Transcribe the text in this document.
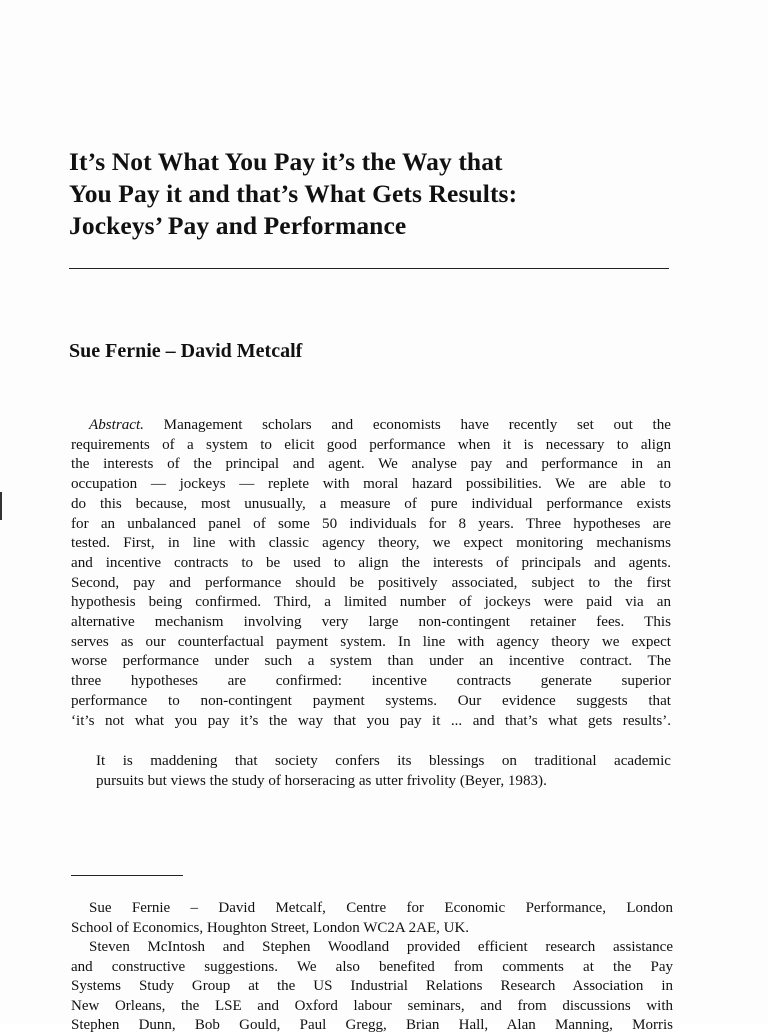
It’s Not What You Pay it’s the Way that
You Pay it and that’s What Gets Results:
Jockeys’ Pay and Performance
Sue Fernie – David Metcalf
Abstract. Management scholars and economists have recently set out the
requirements of a system to elicit good performance when it is necessary to align
the interests of the principal and agent. We analyse pay and performance in an
occupation — jockeys — replete with moral hazard possibilities. We are able to
do this because, most unusually, a measure of pure individual performance exists
for an unbalanced panel of some 50 individuals for 8 years. Three hypotheses are
tested. First, in line with classic agency theory, we expect monitoring mechanisms
and incentive contracts to be used to align the interests of principals and agents.
Second, pay and performance should be positively associated, subject to the first
hypothesis being confirmed. Third, a limited number of jockeys were paid via an
alternative mechanism involving very large non-contingent retainer fees. This
serves as our counterfactual payment system. In line with agency theory we expect
worse performance under such a system than under an incentive contract. The
three hypotheses are confirmed: incentive contracts generate superior
performance to non-contingent payment systems. Our evidence suggests that
‘it’s not what you pay it’s the way that you pay it ... and that’s what gets results’.
It is maddening that society confers its blessings on traditional academic
pursuits but views the study of horseracing as utter frivolity (Beyer, 1983).
Sue Fernie – David Metcalf, Centre for Economic Performance, London
School of Economics, Houghton Street, London WC2A 2AE, UK.
Steven McIntosh and Stephen Woodland provided efficient research assistance
and constructive suggestions. We also benefited from comments at the Pay
Systems Study Group at the US Industrial Relations Research Association in
New Orleans, the LSE and Oxford labour seminars, and from discussions with
Stephen Dunn, Bob Gould, Paul Gregg, Brian Hall, Alan Manning, Morris
